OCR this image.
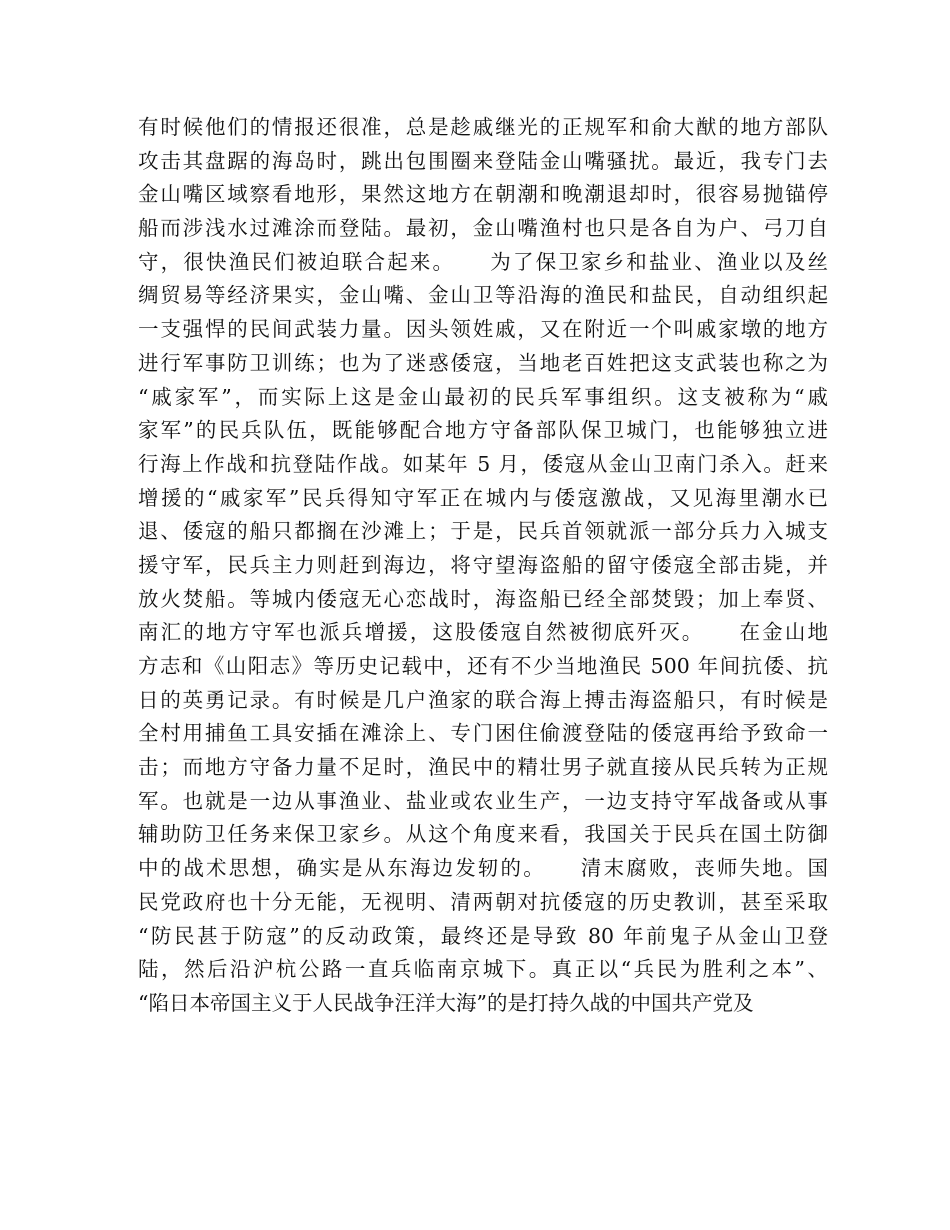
有时候他们的情报还很准，总是趁戚继光的正规军和俞大猷的地方部队
攻击其盘踞的海岛时，跳出包围圈来登陆金山嘴骚扰。最近，我专门去
金山嘴区域察看地形，果然这地方在朝潮和晚潮退却时，很容易抛锚停
船而涉浅水过滩涂而登陆。最初，金山嘴渔村也只是各自为户、弓刀自
守，很快渔民们被迫联合起来。　　为了保卫家乡和盐业、渔业以及丝
绸贸易等经济果实，金山嘴、金山卫等沿海的渔民和盐民，自动组织起
一支强悍的民间武装力量。因头领姓戚，又在附近一个叫戚家墩的地方
进行军事防卫训练；也为了迷惑倭寇，当地老百姓把这支武装也称之为
“戚家军”，而实际上这是金山最初的民兵军事组织。这支被称为“戚
家军”的民兵队伍，既能够配合地方守备部队保卫城门，也能够独立进
行海上作战和抗登陆作战。如某年 5 月，倭寇从金山卫南门杀入。赶来
增援的“戚家军”民兵得知守军正在城内与倭寇激战，又见海里潮水已
退、倭寇的船只都搁在沙滩上；于是，民兵首领就派一部分兵力入城支
援守军，民兵主力则赶到海边，将守望海盗船的留守倭寇全部击毙，并
放火焚船。等城内倭寇无心恋战时，海盗船已经全部焚毁；加上奉贤、
南汇的地方守军也派兵增援，这股倭寇自然被彻底歼灭。　　在金山地
方志和《山阳志》等历史记载中，还有不少当地渔民 500 年间抗倭、抗
日的英勇记录。有时候是几户渔家的联合海上搏击海盗船只，有时候是
全村用捕鱼工具安插在滩涂上、专门困住偷渡登陆的倭寇再给予致命一
击；而地方守备力量不足时，渔民中的精壮男子就直接从民兵转为正规
军。也就是一边从事渔业、盐业或农业生产，一边支持守军战备或从事
辅助防卫任务来保卫家乡。从这个角度来看，我国关于民兵在国土防御
中的战术思想，确实是从东海边发轫的。　　清末腐败，丧师失地。国
民党政府也十分无能，无视明、清两朝对抗倭寇的历史教训，甚至采取
“防民甚于防寇”的反动政策，最终还是导致 80 年前鬼子从金山卫登
陆，然后沿沪杭公路一直兵临南京城下。真正以“兵民为胜利之本”、
“陷日本帝国主义于人民战争汪洋大海”的是打持久战的中国共产党及
